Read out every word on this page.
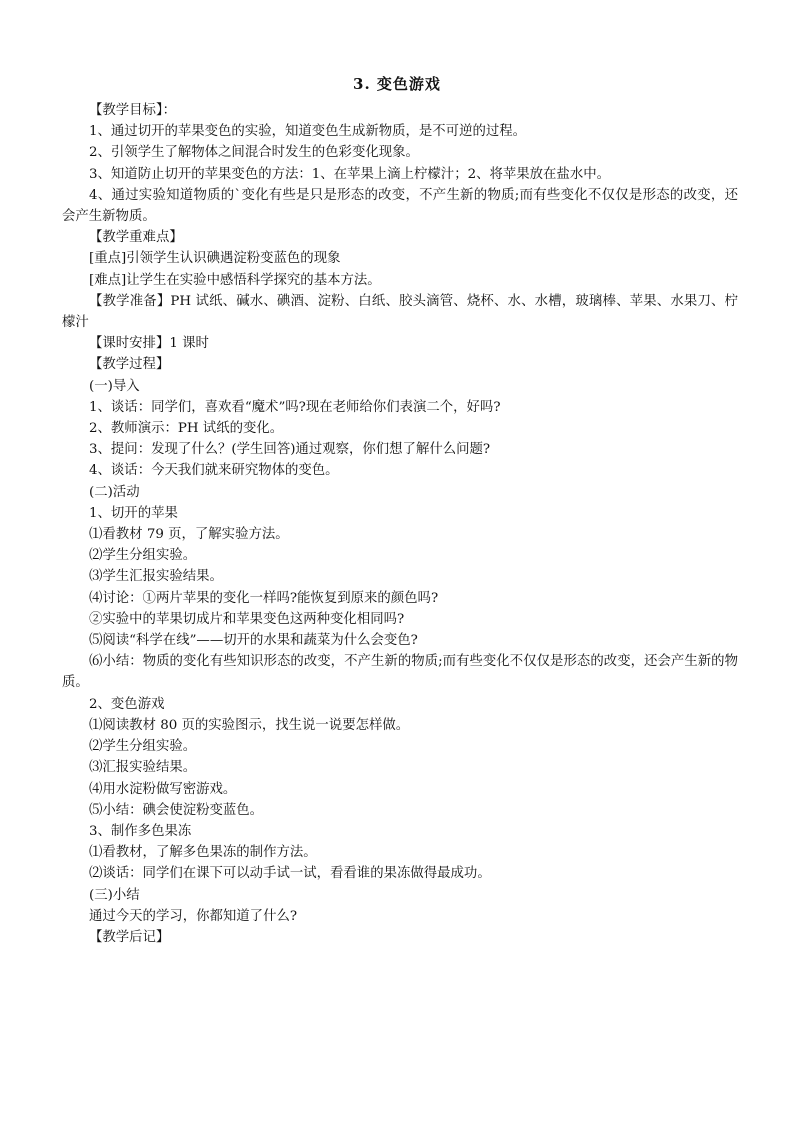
3. 变色游戏

【教学目标】：

1、通过切开的苹果变色的实验，知道变色生成新物质，是不可逆的过程。

2、引领学生了解物体之间混合时发生的色彩变化现象。

3、知道防止切开的苹果变色的方法：1、在苹果上滴上柠檬汁；2、将苹果放在盐水中。

4、通过实验知道物质的`变化有些是只是形态的改变，不产生新的物质;而有些变化不仅仅是形态的改变，还会产生新物质。

【教学重难点】

[重点]引领学生认识碘遇淀粉变蓝色的现象

[难点]让学生在实验中感悟科学探究的基本方法。

【教学准备】PH 试纸、碱水、碘酒、淀粉、白纸、胶头滴管、烧杯、水、水槽，玻璃棒、苹果、水果刀、柠檬汁

【课时安排】1 课时

【教学过程】

(一)导入

1、谈话：同学们，喜欢看“魔术”吗?现在老师给你们表演二个，好吗?

2、教师演示：PH 试纸的变化。

3、提问：发现了什么？(学生回答)通过观察，你们想了解什么问题?

4、谈话：今天我们就来研究物体的变色。

(二)活动

1、切开的苹果

⑴看教材 79 页，了解实验方法。

⑵学生分组实验。

⑶学生汇报实验结果。

⑷讨论：①两片苹果的变化一样吗?能恢复到原来的颜色吗?

②实验中的苹果切成片和苹果变色这两种变化相同吗?

⑸阅读“科学在线”——切开的水果和蔬菜为什么会变色?

⑹小结：物质的变化有些知识形态的改变，不产生新的物质;而有些变化不仅仅是形态的改变，还会产生新的物质。

2、变色游戏

⑴阅读教材 80 页的实验图示，找生说一说要怎样做。

⑵学生分组实验。

⑶汇报实验结果。

⑷用水淀粉做写密游戏。

⑸小结：碘会使淀粉变蓝色。

3、制作多色果冻

⑴看教材，了解多色果冻的制作方法。

⑵谈话：同学们在课下可以动手试一试，看看谁的果冻做得最成功。

(三)小结

通过今天的学习，你都知道了什么?

【教学后记】
